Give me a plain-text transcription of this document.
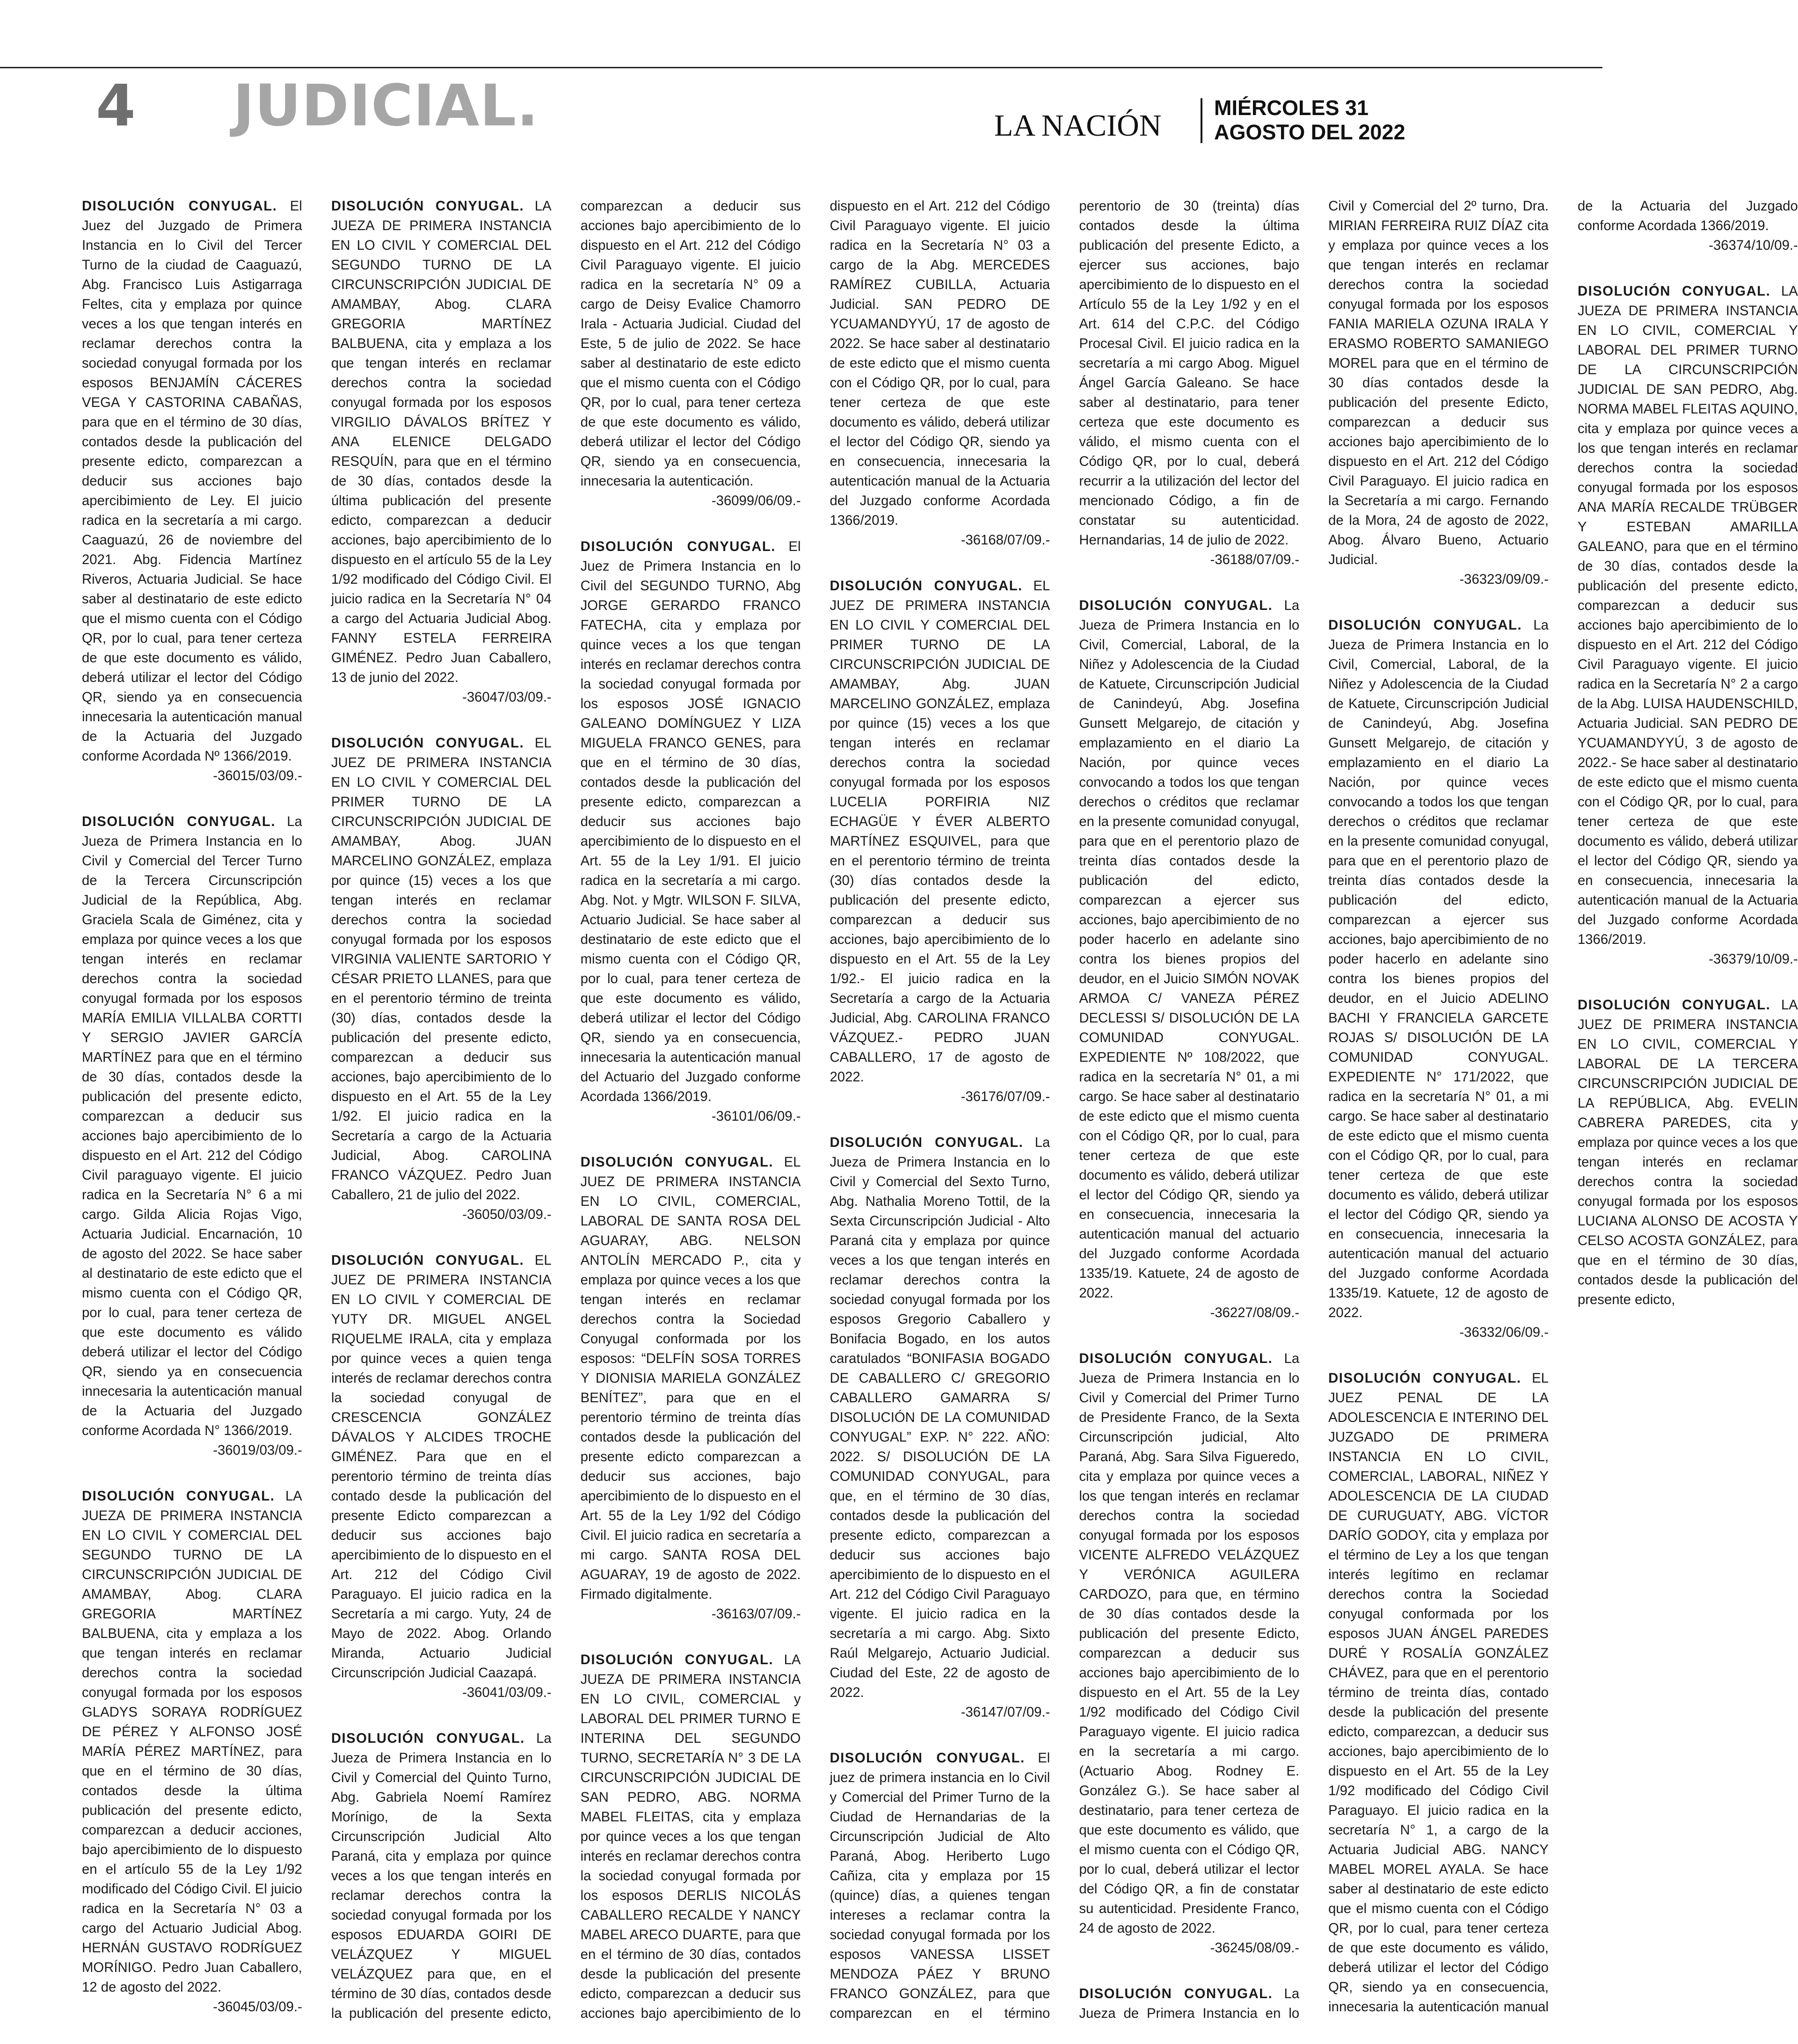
4 JUDICIAL.	LA NACIÓN
MIÉRCOLES 31
AGOSTO DEL 2022

DISOLUCIÓN CONYUGAL. El Juez del Juzgado de Primera Instancia en lo Civil del Tercer Turno de la ciudad de Caaguazú, Abg. Francisco Luis Astigarraga Feltes, cita y emplaza por quince veces a los que tengan interés en reclamar derechos contra la sociedad conyugal formada por los esposos BENJAMÍN CÁCERES VEGA Y CASTORINA CABAÑAS, para que en el término de 30 días, contados desde la publicación del presente edicto, comparezcan a deducir sus acciones bajo apercibimiento de Ley. El juicio radica en la secretaría a mi cargo. Caaguazú, 26 de noviembre del 2021. Abg. Fidencia Martínez Riveros, Actuaria Judicial. Se hace saber al destinatario de este edicto que el mismo cuenta con el Código QR, por lo cual, para tener certeza de que este documento es válido, deberá utilizar el lector del Código QR, siendo ya en consecuencia innecesaria la autenticación manual de la Actuaria del Juzgado conforme Acordada Nº 1366/2019.
-36015/03/09.-

DISOLUCIÓN CONYUGAL. La Jueza de Primera Instancia en lo Civil y Comercial del Tercer Turno de la Tercera Circunscripción Judicial de la República, Abg. Graciela Scala de Giménez, cita y emplaza por quince veces a los que tengan interés en reclamar derechos contra la sociedad conyugal formada por los esposos MARÍA EMILIA VILLALBA CORTTI Y SERGIO JAVIER GARCÍA MARTÍNEZ para que en el término de 30 días, contados desde la publicación del presente edicto, comparezcan a deducir sus acciones bajo apercibimiento de lo dispuesto en el Art. 212 del Código Civil paraguayo vigente. El juicio radica en la Secretaría N° 6 a mi cargo. Gilda Alicia Rojas Vigo, Actuaria Judicial. Encarnación, 10 de agosto del 2022. Se hace saber al destinatario de este edicto que el mismo cuenta con el Código QR, por lo cual, para tener certeza de que este documento es válido deberá utilizar el lector del Código QR, siendo ya en consecuencia innecesaria la autenticación manual de la Actuaria del Juzgado conforme Acordada N° 1366/2019.
-36019/03/09.-

DISOLUCIÓN CONYUGAL. LA JUEZA DE PRIMERA INSTANCIA EN LO CIVIL Y COMERCIAL DEL SEGUNDO TURNO DE LA CIRCUNSCRIPCIÓN JUDICIAL DE AMAMBAY, Abog. CLARA GREGORIA MARTÍNEZ BALBUENA, cita y emplaza a los que tengan interés en reclamar derechos contra la sociedad conyugal formada por los esposos GLADYS SORAYA RODRÍGUEZ DE PÉREZ Y ALFONSO JOSÉ MARÍA PÉREZ MARTÍNEZ, para que en el término de 30 días, contados desde la última publicación del presente edicto, comparezcan a deducir acciones, bajo apercibimiento de lo dispuesto en el artículo 55 de la Ley 1/92 modificado del Código Civil. El juicio radica en la Secretaría N° 03 a cargo del Actuario Judicial Abog. HERNÁN GUSTAVO RODRÍGUEZ MORÍNIGO. Pedro Juan Caballero, 12 de agosto del 2022.
-36045/03/09.-

DISOLUCIÓN CONYUGAL. LA JUEZA DE PRIMERA INSTANCIA EN LO CIVIL Y COMERCIAL DEL SEGUNDO TURNO DE LA CIRCUNSCRIPCIÓN JUDICIAL DE AMAMBAY, Abog. CLARA GREGORIA MARTÍNEZ BALBUENA, cita y emplaza a los que tengan interés en reclamar derechos contra la sociedad conyugal formada por los esposos VIRGILIO DÁVALOS BRÍTEZ Y ANA ELENICE DELGADO RESQUÍN, para que en el término de 30 días, contados desde la última publicación del presente edicto, comparezcan a deducir acciones, bajo apercibimiento de lo dispuesto en el artículo 55 de la Ley 1/92 modificado del Código Civil. El juicio radica en la Secretaría N° 04 a cargo del Actuaria Judicial Abog. FANNY ESTELA FERREIRA GIMÉNEZ. Pedro Juan Caballero, 13 de junio del 2022.
-36047/03/09.-

DISOLUCIÓN CONYUGAL. EL JUEZ DE PRIMERA INSTANCIA EN LO CIVIL Y COMERCIAL DEL PRIMER TURNO DE LA CIRCUNSCRIPCIÓN JUDICIAL DE AMAMBAY, Abog. JUAN MARCELINO GONZÁLEZ, emplaza por quince (15) veces a los que tengan interés en reclamar derechos contra la sociedad conyugal formada por los esposos VIRGINIA VALIENTE SARTORIO Y CÉSAR PRIETO LLANES, para que en el perentorio término de treinta (30) días, contados desde la publicación del presente edicto, comparezcan a deducir sus acciones, bajo apercibimiento de lo dispuesto en el Art. 55 de la Ley 1/92. El juicio radica en la Secretaría a cargo de la Actuaria Judicial, Abog. CAROLINA FRANCO VÁZQUEZ. Pedro Juan Caballero, 21 de julio del 2022.
-36050/03/09.-

DISOLUCIÓN CONYUGAL. EL JUEZ DE PRIMERA INSTANCIA EN LO CIVIL Y COMERCIAL DE YUTY DR. MIGUEL ANGEL RIQUELME IRALA, cita y emplaza por quince veces a quien tenga interés de reclamar derechos contra la sociedad conyugal de CRESCENCIA GONZÁLEZ DÁVALOS Y ALCIDES TROCHE GIMÉNEZ. Para que en el perentorio término de treinta días contado desde la publicación del presente Edicto comparezcan a deducir sus acciones bajo apercibimiento de lo dispuesto en el Art. 212 del Código Civil Paraguayo. El juicio radica en la Secretaría a mi cargo. Yuty, 24 de Mayo de 2022. Abog. Orlando Miranda, Actuario Judicial Circunscripción Judicial Caazapá.
-36041/03/09.-

DISOLUCIÓN CONYUGAL. La Jueza de Primera Instancia en lo Civil y Comercial del Quinto Turno, Abg. Gabriela Noemí Ramírez Morínigo, de la Sexta Circunscripción Judicial Alto Paraná, cita y emplaza por quince veces a los que tengan interés en reclamar derechos contra la sociedad conyugal formada por los esposos EDUARDA GOIRI DE VELÁZQUEZ Y MIGUEL VELÁZQUEZ para que, en el término de 30 días, contados desde la publicación del presente edicto, comparezcan a deducir sus acciones bajo apercibimiento de lo dispuesto en el Art. 212 del Código Civil Paraguayo vigente. El juicio radica en la secretaría N° 09 a cargo de Deisy Evalice Chamorro Irala - Actuaria Judicial. Ciudad del Este, 5 de julio de 2022. Se hace saber al destinatario de este edicto que el mismo cuenta con el Código QR, por lo cual, para tener certeza de que este documento es válido, deberá utilizar el lector del Código QR, siendo ya en consecuencia, innecesaria la autenticación.
-36099/06/09.-

DISOLUCIÓN CONYUGAL. El Juez de Primera Instancia en lo Civil del SEGUNDO TURNO, Abg JORGE GERARDO FRANCO FATECHA, cita y emplaza por quince veces a los que tengan interés en reclamar derechos contra la sociedad conyugal formada por los esposos JOSÉ IGNACIO GALEANO DOMÍNGUEZ Y LIZA MIGUELA FRANCO GENES, para que en el término de 30 días, contados desde la publicación del presente edicto, comparezcan a deducir sus acciones bajo apercibimiento de lo dispuesto en el Art. 55 de la Ley 1/91. El juicio radica en la secretaría a mi cargo. Abg. Not. y Mgtr. WILSON F. SILVA, Actuario Judicial. Se hace saber al destinatario de este edicto que el mismo cuenta con el Código QR, por lo cual, para tener certeza de que este documento es válido, deberá utilizar el lector del Código QR, siendo ya en consecuencia, innecesaria la autenticación manual del Actuario del Juzgado conforme Acordada 1366/2019.
-36101/06/09.-

DISOLUCIÓN CONYUGAL. EL JUEZ DE PRIMERA INSTANCIA EN LO CIVIL, COMERCIAL, LABORAL DE SANTA ROSA DEL AGUARAY, ABG. NELSON ANTOLÍN MERCADO P., cita y emplaza por quince veces a los que tengan interés en reclamar derechos contra la Sociedad Conyugal conformada por los esposos: “DELFÍN SOSA TORRES Y DIONISIA MARIELA GONZÁLEZ BENÍTEZ”, para que en el perentorio término de treinta días contados desde la publicación del presente edicto comparezcan a deducir sus acciones, bajo apercibimiento de lo dispuesto en el Art. 55 de la Ley 1/92 del Código Civil. El juicio radica en secretaría a mi cargo. SANTA ROSA DEL AGUARAY, 19 de agosto de 2022. Firmado digitalmente.
-36163/07/09.-

DISOLUCIÓN CONYUGAL. LA JUEZA DE PRIMERA INSTANCIA EN LO CIVIL, COMERCIAL y LABORAL DEL PRIMER TURNO E INTERINA DEL SEGUNDO TURNO, SECRETARÍA N° 3 DE LA CIRCUNSCRIPCIÓN JUDICIAL DE SAN PEDRO, ABG. NORMA MABEL FLEITAS, cita y emplaza por quince veces a los que tengan interés en reclamar derechos contra la sociedad conyugal formada por los esposos DERLIS NICOLÁS CABALLERO RECALDE Y NANCY MABEL ARECO DUARTE, para que en el término de 30 días, contados desde la publicación del presente edicto, comparezcan a deducir sus acciones bajo apercibimiento de lo dispuesto en el Art. 212 del Código Civil Paraguayo vigente. El juicio radica en la Secretaría N° 03 a cargo de la Abg. MERCEDES RAMÍREZ CUBILLA, Actuaria Judicial. SAN PEDRO DE YCUAMANDYYÚ, 17 de agosto de 2022. Se hace saber al destinatario de este edicto que el mismo cuenta con el Código QR, por lo cual, para tener certeza de que este documento es válido, deberá utilizar el lector del Código QR, siendo ya en consecuencia, innecesaria la autenticación manual de la Actuaria del Juzgado conforme Acordada 1366/2019.
-36168/07/09.-

DISOLUCIÓN CONYUGAL. EL JUEZ DE PRIMERA INSTANCIA EN LO CIVIL Y COMERCIAL DEL PRIMER TURNO DE LA CIRCUNSCRIPCIÓN JUDICIAL DE AMAMBAY, Abg. JUAN MARCELINO GONZÁLEZ, emplaza por quince (15) veces a los que tengan interés en reclamar derechos contra la sociedad conyugal formada por los esposos LUCELIA PORFIRIA NIZ ECHAGÜE Y ÉVER ALBERTO MARTÍNEZ ESQUIVEL, para que en el perentorio término de treinta (30) días contados desde la publicación del presente edicto, comparezcan a deducir sus acciones, bajo apercibimiento de lo dispuesto en el Art. 55 de la Ley 1/92.- El juicio radica en la Secretaría a cargo de la Actuaria Judicial, Abg. CAROLINA FRANCO VÁZQUEZ.- PEDRO JUAN CABALLERO, 17 de agosto de 2022.
-36176/07/09.-

DISOLUCIÓN CONYUGAL. La Jueza de Primera Instancia en lo Civil y Comercial del Sexto Turno, Abg. Nathalia Moreno Tottil, de la Sexta Circunscripción Judicial - Alto Paraná cita y emplaza por quince veces a los que tengan interés en reclamar derechos contra la sociedad conyugal formada por los esposos Gregorio Caballero y Bonifacia Bogado, en los autos caratulados “BONIFASIA BOGADO DE CABALLERO C/ GREGORIO CABALLERO GAMARRA S/ DISOLUCIÓN DE LA COMUNIDAD CONYUGAL” EXP. N° 222. AÑO: 2022. S/ DISOLUCIÓN DE LA COMUNIDAD CONYUGAL, para que, en el término de 30 días, contados desde la publicación del presente edicto, comparezcan a deducir sus acciones bajo apercibimiento de lo dispuesto en el Art. 212 del Código Civil Paraguayo vigente. El juicio radica en la secretaría a mi cargo. Abg. Sixto Raúl Melgarejo, Actuario Judicial. Ciudad del Este, 22 de agosto de 2022.
-36147/07/09.-

DISOLUCIÓN CONYUGAL. El juez de primera instancia en lo Civil y Comercial del Primer Turno de la Ciudad de Hernandarias de la Circunscripción Judicial de Alto Paraná, Abog. Heriberto Lugo Cañiza, cita y emplaza por 15 (quince) días, a quienes tengan intereses a reclamar contra la sociedad conyugal formada por los esposos VANESSA LISSET MENDOZA PÁEZ Y BRUNO FRANCO GONZÁLEZ, para que comparezcan en el término perentorio de 30 (treinta) días contados desde la última publicación del presente Edicto, a ejercer sus acciones, bajo apercibimiento de lo dispuesto en el Artículo 55 de la Ley 1/92 y en el Art. 614 del C.P.C. del Código Procesal Civil. El juicio radica en la secretaría a mi cargo Abog. Miguel Ángel García Galeano. Se hace saber al destinatario, para tener certeza que este documento es válido, el mismo cuenta con el Código QR, por lo cual, deberá recurrir a la utilización del lector del mencionado Código, a fin de constatar su autenticidad. Hernandarias, 14 de julio de 2022.
-36188/07/09.-

DISOLUCIÓN CONYUGAL. La Jueza de Primera Instancia en lo Civil, Comercial, Laboral, de la Niñez y Adolescencia de la Ciudad de Katuete, Circunscripción Judicial de Canindeyú, Abg. Josefina Gunsett Melgarejo, de citación y emplazamiento en el diario La Nación, por quince veces convocando a todos los que tengan derechos o créditos que reclamar en la presente comunidad conyugal, para que en el perentorio plazo de treinta días contados desde la publicación del edicto, comparezcan a ejercer sus acciones, bajo apercibimiento de no poder hacerlo en adelante sino contra los bienes propios del deudor, en el Juicio SIMÓN NOVAK ARMOA C/ VANEZA PÉREZ DECLESSI S/ DISOLUCIÓN DE LA COMUNIDAD CONYUGAL. EXPEDIENTE Nº 108/2022, que radica en la secretaría N° 01, a mi cargo. Se hace saber al destinatario de este edicto que el mismo cuenta con el Código QR, por lo cual, para tener certeza de que este documento es válido, deberá utilizar el lector del Código QR, siendo ya en consecuencia, innecesaria la autenticación manual del actuario del Juzgado conforme Acordada 1335/19. Katuete, 24 de agosto de 2022.
-36227/08/09.-

DISOLUCIÓN CONYUGAL. La Jueza de Primera Instancia en lo Civil y Comercial del Primer Turno de Presidente Franco, de la Sexta Circunscripción judicial, Alto Paraná, Abg. Sara Silva Figueredo, cita y emplaza por quince veces a los que tengan interés en reclamar derechos contra la sociedad conyugal formada por los esposos VICENTE ALFREDO VELÁZQUEZ Y VERÓNICA AGUILERA CARDOZO, para que, en término de 30 días contados desde la publicación del presente Edicto, comparezcan a deducir sus acciones bajo apercibimiento de lo dispuesto en el Art. 55 de la Ley 1/92 modificado del Código Civil Paraguayo vigente. El juicio radica en la secretaría a mi cargo. (Actuario Abog. Rodney E. González G.). Se hace saber al destinatario, para tener certeza de que este documento es válido, que el mismo cuenta con el Código QR, por lo cual, deberá utilizar el lector del Código QR, a fin de constatar su autenticidad. Presidente Franco, 24 de agosto de 2022.
-36245/08/09.-

DISOLUCIÓN CONYUGAL. La Jueza de Primera Instancia en lo Civil y Comercial del 2º turno, Dra. MIRIAN FERREIRA RUIZ DÍAZ cita y emplaza por quince veces a los que tengan interés en reclamar derechos contra la sociedad conyugal formada por los esposos FANIA MARIELA OZUNA IRALA Y ERASMO ROBERTO SAMANIEGO MOREL para que en el término de 30 días contados desde la publicación del presente Edicto, comparezcan a deducir sus acciones bajo apercibimiento de lo dispuesto en el Art. 212 del Código Civil Paraguayo. El juicio radica en la Secretaría a mi cargo. Fernando de la Mora, 24 de agosto de 2022, Abog. Álvaro Bueno, Actuario Judicial.
-36323/09/09.-

DISOLUCIÓN CONYUGAL. La Jueza de Primera Instancia en lo Civil, Comercial, Laboral, de la Niñez y Adolescencia de la Ciudad de Katuete, Circunscripción Judicial de Canindeyú, Abg. Josefina Gunsett Melgarejo, de citación y emplazamiento en el diario La Nación, por quince veces convocando a todos los que tengan derechos o créditos que reclamar en la presente comunidad conyugal, para que en el perentorio plazo de treinta días contados desde la publicación del edicto, comparezcan a ejercer sus acciones, bajo apercibimiento de no poder hacerlo en adelante sino contra los bienes propios del deudor, en el Juicio ADELINO BACHI Y FRANCIELA GARCETE ROJAS S/ DISOLUCIÓN DE LA COMUNIDAD CONYUGAL. EXPEDIENTE N° 171/2022, que radica en la secretaría N° 01, a mi cargo. Se hace saber al destinatario de este edicto que el mismo cuenta con el Código QR, por lo cual, para tener certeza de que este documento es válido, deberá utilizar el lector del Código QR, siendo ya en consecuencia, innecesaria la autenticación manual del actuario del Juzgado conforme Acordada 1335/19. Katuete, 12 de agosto de 2022.
-36332/06/09.-

DISOLUCIÓN CONYUGAL. EL JUEZ PENAL DE LA ADOLESCENCIA E INTERINO DEL JUZGADO DE PRIMERA INSTANCIA EN LO CIVIL, COMERCIAL, LABORAL, NIÑEZ Y ADOLESCENCIA DE LA CIUDAD DE CURUGUATY, ABG. VÍCTOR DARÍO GODOY, cita y emplaza por el término de Ley a los que tengan interés legítimo en reclamar derechos contra la Sociedad conyugal conformada por los esposos JUAN ÁNGEL PAREDES DURÉ Y ROSALÍA GONZÁLEZ CHÁVEZ, para que en el perentorio término de treinta días, contado desde la publicación del presente edicto, comparezcan, a deducir sus acciones, bajo apercibimiento de lo dispuesto en el Art. 55 de la Ley 1/92 modificado del Código Civil Paraguayo. El juicio radica en la secretaría N° 1, a cargo de la Actuaria Judicial ABG. NANCY MABEL MOREL AYALA. Se hace saber al destinatario de este edicto que el mismo cuenta con el Código QR, por lo cual, para tener certeza de que este documento es válido, deberá utilizar el lector del Código QR, siendo ya en consecuencia, innecesaria la autenticación manual de la Actuaria del Juzgado conforme Acordada 1366/2019.
-36374/10/09.-

DISOLUCIÓN CONYUGAL. LA JUEZA DE PRIMERA INSTANCIA EN LO CIVIL, COMERCIAL Y LABORAL DEL PRIMER TURNO DE LA CIRCUNSCRIPCIÓN JUDICIAL DE SAN PEDRO, Abg. NORMA MABEL FLEITAS AQUINO, cita y emplaza por quince veces a los que tengan interés en reclamar derechos contra la sociedad conyugal formada por los esposos ANA MARÍA RECALDE TRÜBGER Y ESTEBAN AMARILLA GALEANO, para que en el término de 30 días, contados desde la publicación del presente edicto, comparezcan a deducir sus acciones bajo apercibimiento de lo dispuesto en el Art. 212 del Código Civil Paraguayo vigente. El juicio radica en la Secretaría N° 2 a cargo de la Abg. LUISA HAUDENSCHILD, Actuaria Judicial. SAN PEDRO DE YCUAMANDYYÚ, 3 de agosto de 2022.- Se hace saber al destinatario de este edicto que el mismo cuenta con el Código QR, por lo cual, para tener certeza de que este documento es válido, deberá utilizar el lector del Código QR, siendo ya en consecuencia, innecesaria la autenticación manual de la Actuaria del Juzgado conforme Acordada 1366/2019.
-36379/10/09.-

DISOLUCIÓN CONYUGAL. LA JUEZ DE PRIMERA INSTANCIA EN LO CIVIL, COMERCIAL Y LABORAL DE LA TERCERA CIRCUNSCRIPCIÓN JUDICIAL DE LA REPÚBLICA, Abg. EVELIN CABRERA PAREDES, cita y emplaza por quince veces a los que tengan interés en reclamar derechos contra la sociedad conyugal formada por los esposos LUCIANA ALONSO DE ACOSTA Y CELSO ACOSTA GONZÁLEZ, para que en el término de 30 días, contados desde la publicación del presente edicto,
